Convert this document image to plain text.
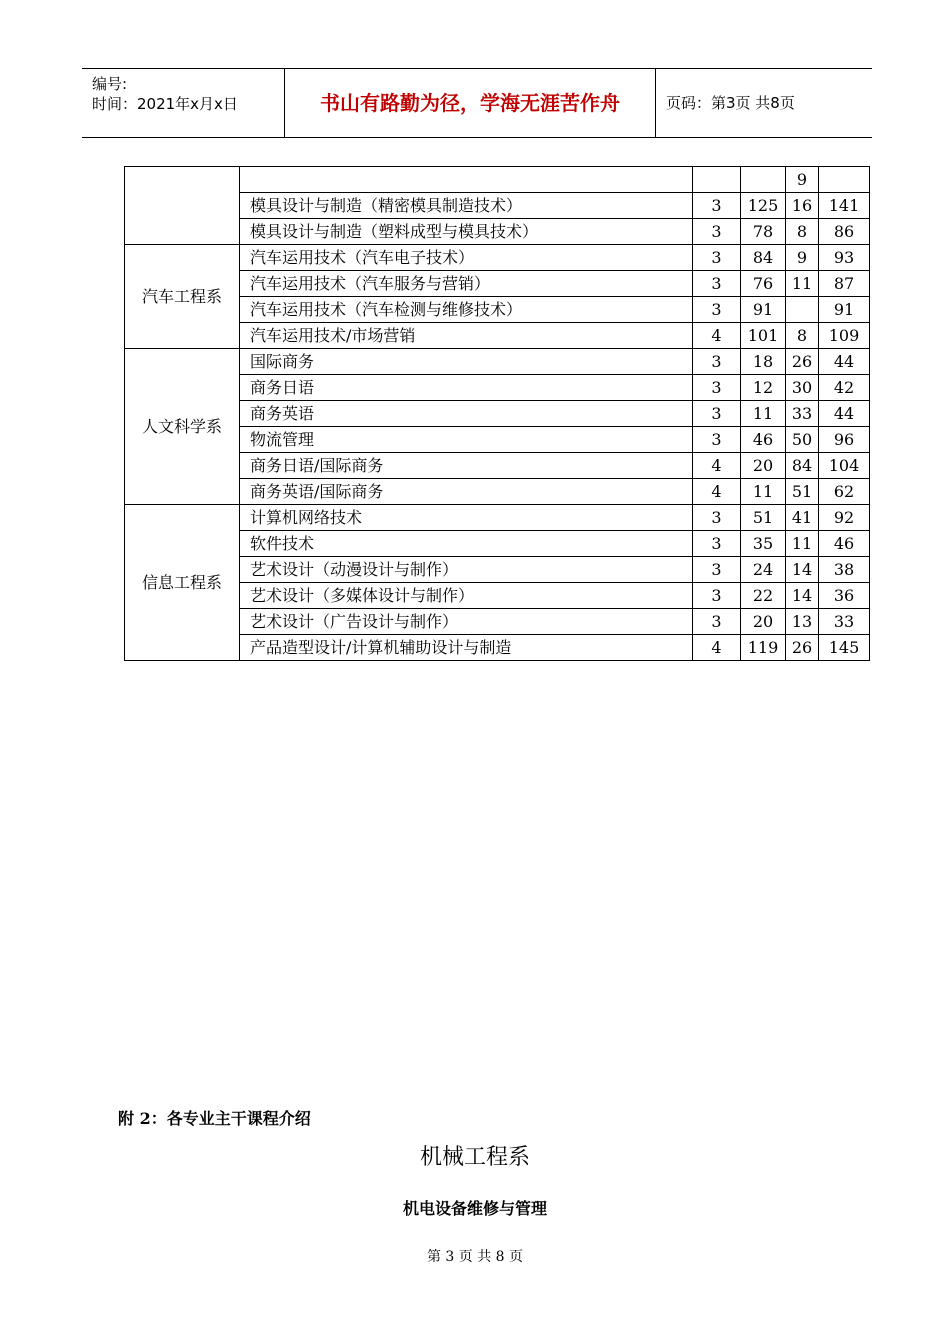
编号:
时间：2021年x月x日	书山有路勤为径，学海无涯苦作舟	页码：第3页 共8页
				9	
	模具设计与制造（精密模具制造技术）	3	125	16	141
	模具设计与制造（塑料成型与模具技术）	3	78	8	86
汽车工程系	汽车运用技术（汽车电子技术）	3	84	9	93
	汽车运用技术（汽车服务与营销）	3	76	11	87
	汽车运用技术（汽车检测与维修技术）	3	91		91
	汽车运用技术/市场营销	4	101	8	109
人文科学系	国际商务	3	18	26	44
	商务日语	3	12	30	42
	商务英语	3	11	33	44
	物流管理	3	46	50	96
	商务日语/国际商务	4	20	84	104
	商务英语/国际商务	4	11	51	62
信息工程系	计算机网络技术	3	51	41	92
	软件技术	3	35	11	46
	艺术设计（动漫设计与制作）	3	24	14	38
	艺术设计（多媒体设计与制作）	3	22	14	36
	艺术设计（广告设计与制作）	3	20	13	33
	产品造型设计/计算机辅助设计与制造	4	119	26	145
附 2：各专业主干课程介绍
机械工程系
机电设备维修与管理
第 3 页 共 8 页
